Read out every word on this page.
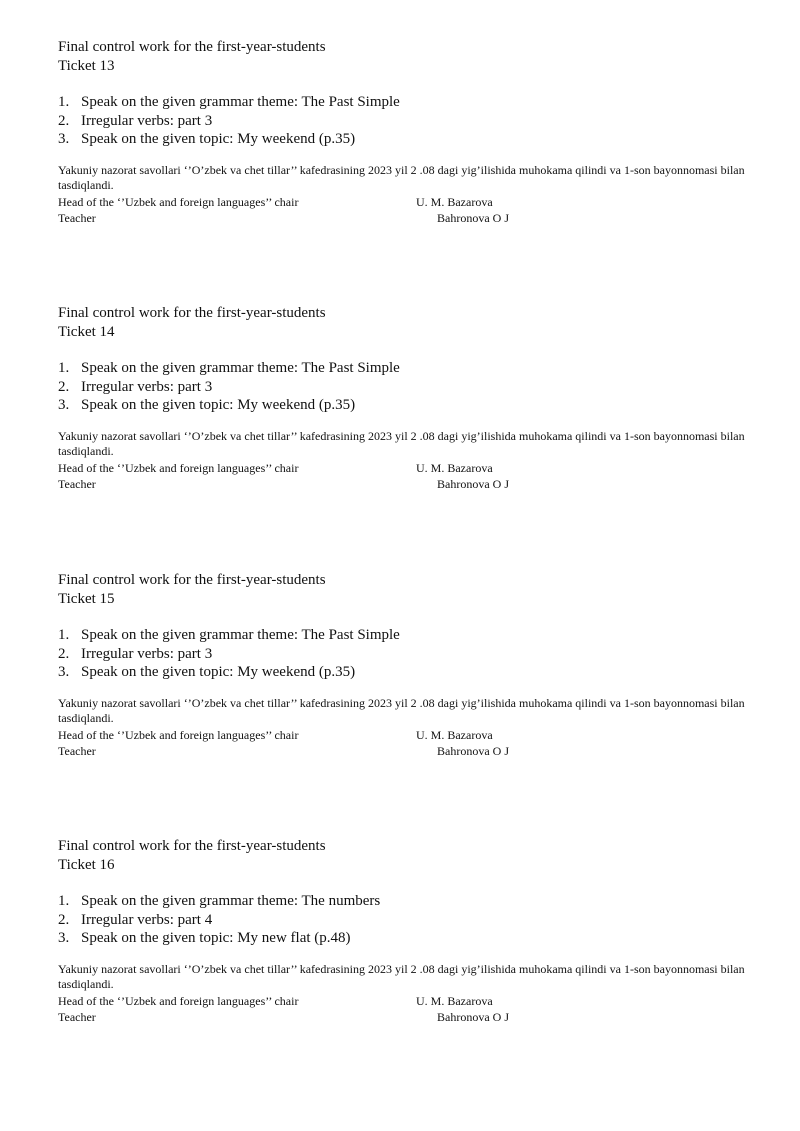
Final control work for the first-year-students
Ticket 13
1. Speak on the given grammar theme: The Past Simple
2. Irregular verbs: part 3
3. Speak on the given topic: My weekend (p.35)
Yakuniy nazorat savollari ‘’O’zbek va chet tillar’’ kafedrasining 2023 yil 2 .08 dagi yig’ilishida muhokama qilindi va 1-son bayonnomasi bilan tasdiqlandi.
Head of the ‘’Uzbek and foreign languages’’ chair	U. M. Bazarova
Teacher	Bahronova O J
Final control work for the first-year-students
Ticket 14
1. Speak on the given grammar theme: The Past Simple
2. Irregular verbs: part 3
3. Speak on the given topic: My weekend (p.35)
Yakuniy nazorat savollari ‘’O’zbek va chet tillar’’ kafedrasining 2023 yil 2 .08 dagi yig’ilishida muhokama qilindi va 1-son bayonnomasi bilan tasdiqlandi.
Head of the ‘’Uzbek and foreign languages’’ chair	U. M. Bazarova
Teacher	Bahronova O J
Final control work for the first-year-students
Ticket 15
1. Speak on the given grammar theme: The Past Simple
2. Irregular verbs: part 3
3. Speak on the given topic: My weekend (p.35)
Yakuniy nazorat savollari ‘’O’zbek va chet tillar’’ kafedrasining 2023 yil 2 .08 dagi yig’ilishida muhokama qilindi va 1-son bayonnomasi bilan tasdiqlandi.
Head of the ‘’Uzbek and foreign languages’’ chair	U. M. Bazarova
Teacher	Bahronova O J
Final control work for the first-year-students
Ticket 16
1. Speak on the given grammar theme: The numbers
2. Irregular verbs: part 4
3. Speak on the given topic: My new flat (p.48)
Yakuniy nazorat savollari ‘’O’zbek va chet tillar’’ kafedrasining 2023 yil 2 .08 dagi yig’ilishida muhokama qilindi va 1-son bayonnomasi bilan tasdiqlandi.
Head of the ‘’Uzbek and foreign languages’’ chair	U. M. Bazarova
Teacher	Bahronova O J
